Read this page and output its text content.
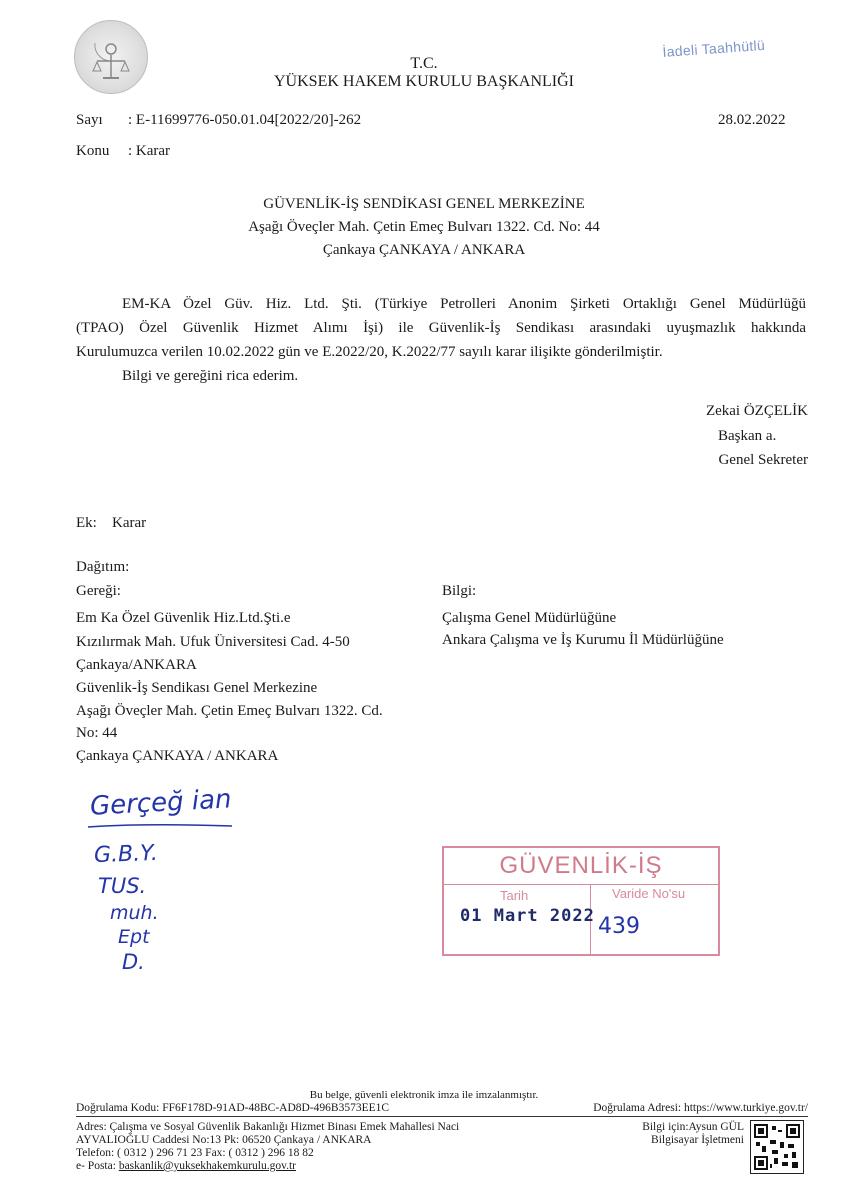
T.C.
YÜKSEK HAKEM KURULU BAŞKANLIĞI
İadeli Taahhütlü
Sayı : E-11699776-050.01.04[2022/20]-262	28.02.2022
Konu : Karar
GÜVENLİK-İŞ SENDİKASI GENEL MERKEZİNE
Aşağı Öveçler Mah. Çetin Emeç Bulvarı 1322. Cd. No: 44
Çankaya ÇANKAYA / ANKARA
EM-KA Özel Güv. Hiz. Ltd. Şti. (Türkiye Petrolleri Anonim Şirketi Ortaklığı Genel Müdürlüğü
(TPAO) Özel Güvenlik Hizmet Alımı İşi) ile Güvenlik-İş Sendikası arasındaki uyuşmazlık hakkında
Kurulumuzca verilen 10.02.2022 gün ve E.2022/20, K.2022/77 sayılı karar ilişikte gönderilmiştir.
Bilgi ve gereğini rica ederim.
Zekai ÖZÇELİK
Başkan a.
Genel Sekreter
Ek: Karar
Dağıtım:
Gereği:	Bilgi:
Em Ka Özel Güvenlik Hiz.Ltd.Şti.e
Kızılırmak Mah. Ufuk Üniversitesi Cad. 4-50
Çankaya/ANKARA
Güvenlik-İş Sendikası Genel Merkezine
Aşağı Öveçler Mah. Çetin Emeç Bulvarı 1322. Cd.
No: 44
Çankaya ÇANKAYA / ANKARA
Çalışma Genel Müdürlüğüne
Ankara Çalışma ve İş Kurumu İl Müdürlüğüne
Gerçeğ ian
G.B.Y.
TUS.
muh.
Ept
D.
GÜVENLİK-İŞ
Tarih	Varide No'su
01 Mart 2022 439
Bu belge, güvenli elektronik imza ile imzalanmıştır.
Doğrulama Kodu: FF6F178D-91AD-48BC-AD8D-496B3573EE1C	Doğrulama Adresi: https://www.turkiye.gov.tr/
Adres: Çalışma ve Sosyal Güvenlik Bakanlığı Hizmet Binası Emek Mahallesi Naci
AYVALIOĞLU Caddesi No:13 Pk: 06520 Çankaya / ANKARA
Telefon: ( 0312 ) 296 71 23 Fax: ( 0312 ) 296 18 82
e- Posta: baskanlik@yuksekhakemkurulu.gov.tr
Bilgi için:Aysun GÜL
Bilgisayar İşletmeni
